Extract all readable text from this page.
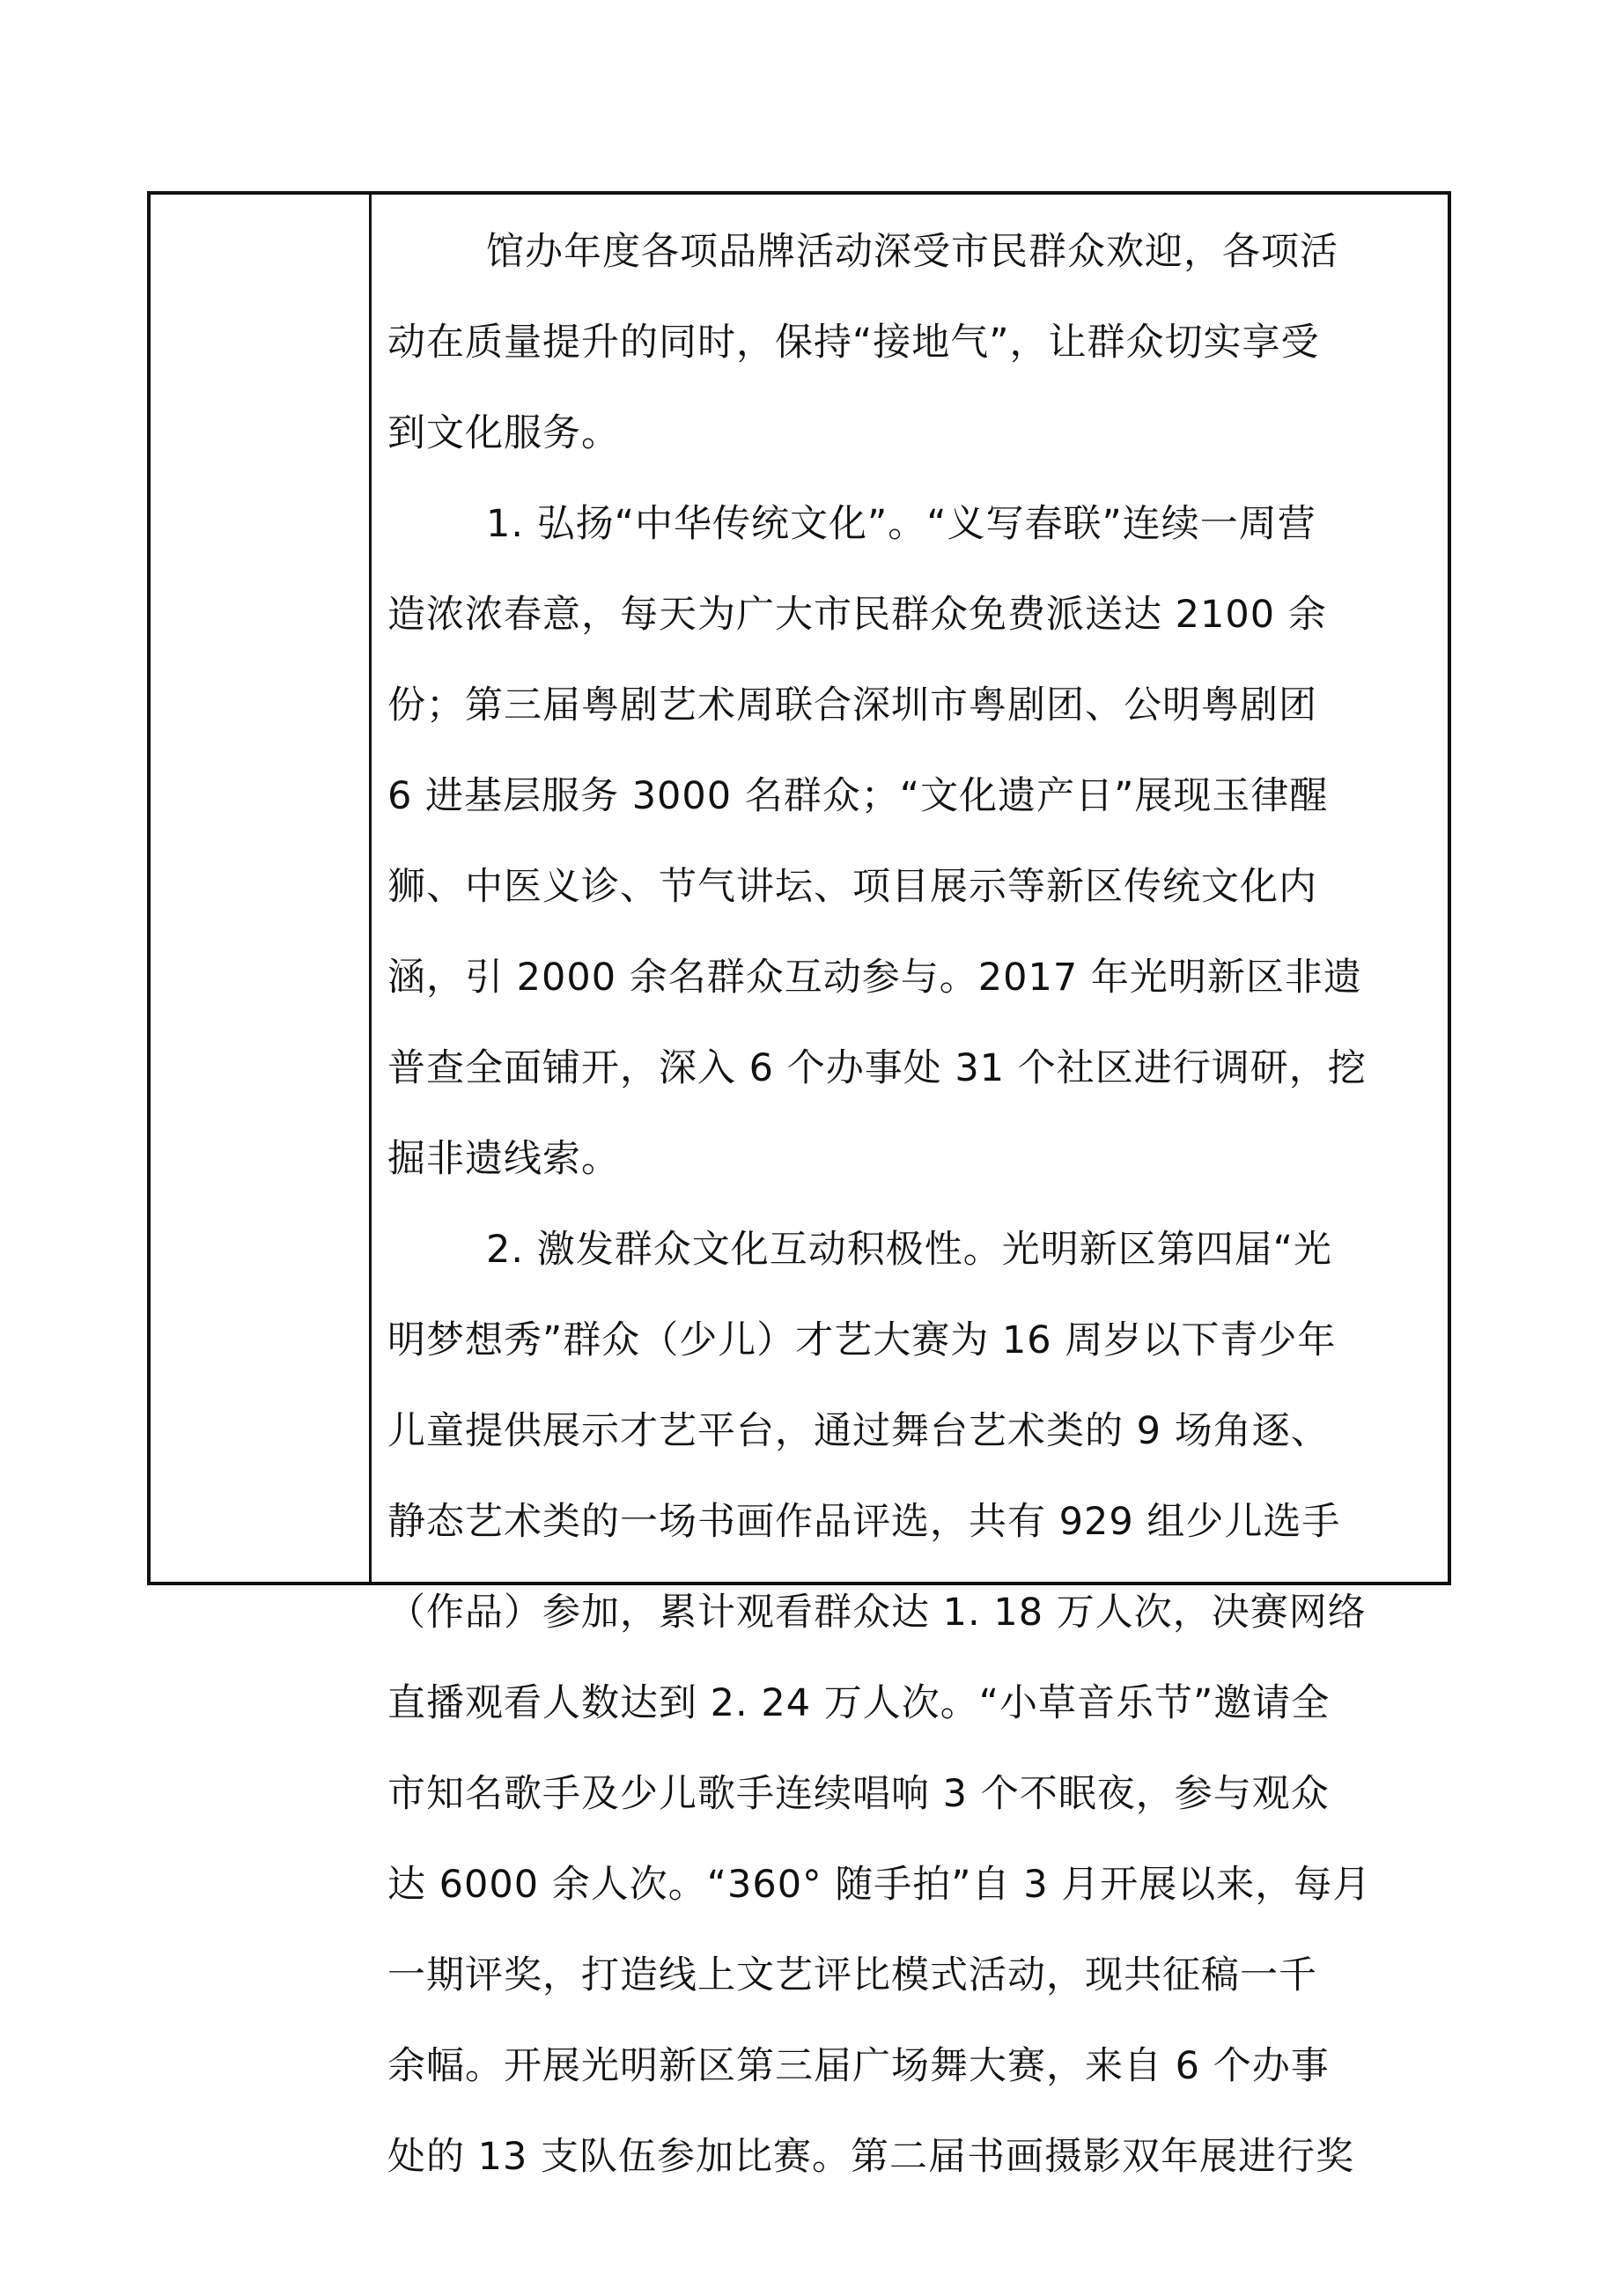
馆办年度各项品牌活动深受市民群众欢迎，各项活
动在质量提升的同时，保持“接地气”，让群众切实享受
到文化服务。
1. 弘扬“中华传统文化”。“义写春联”连续一周营
造浓浓春意，每天为广大市民群众免费派送达 2100 余
份；第三届粤剧艺术周联合深圳市粤剧团、公明粤剧团
6 进基层服务 3000 名群众；“文化遗产日”展现玉律醒
狮、中医义诊、节气讲坛、项目展示等新区传统文化内
涵，引 2000 余名群众互动参与。2017 年光明新区非遗
普查全面铺开，深入 6 个办事处 31 个社区进行调研，挖
掘非遗线索。
2. 激发群众文化互动积极性。光明新区第四届“光
明梦想秀”群众（少儿）才艺大赛为 16 周岁以下青少年
儿童提供展示才艺平台，通过舞台艺术类的 9 场角逐、
静态艺术类的一场书画作品评选，共有 929 组少儿选手
（作品）参加，累计观看群众达 1. 18 万人次，决赛网络
直播观看人数达到 2. 24 万人次。“小草音乐节”邀请全
市知名歌手及少儿歌手连续唱响 3 个不眠夜，参与观众
达 6000 余人次。“360° 随手拍”自 3 月开展以来，每月
一期评奖，打造线上文艺评比模式活动，现共征稿一千
余幅。开展光明新区第三届广场舞大赛，来自 6 个办事
处的 13 支队伍参加比赛。第二届书画摄影双年展进行奖
